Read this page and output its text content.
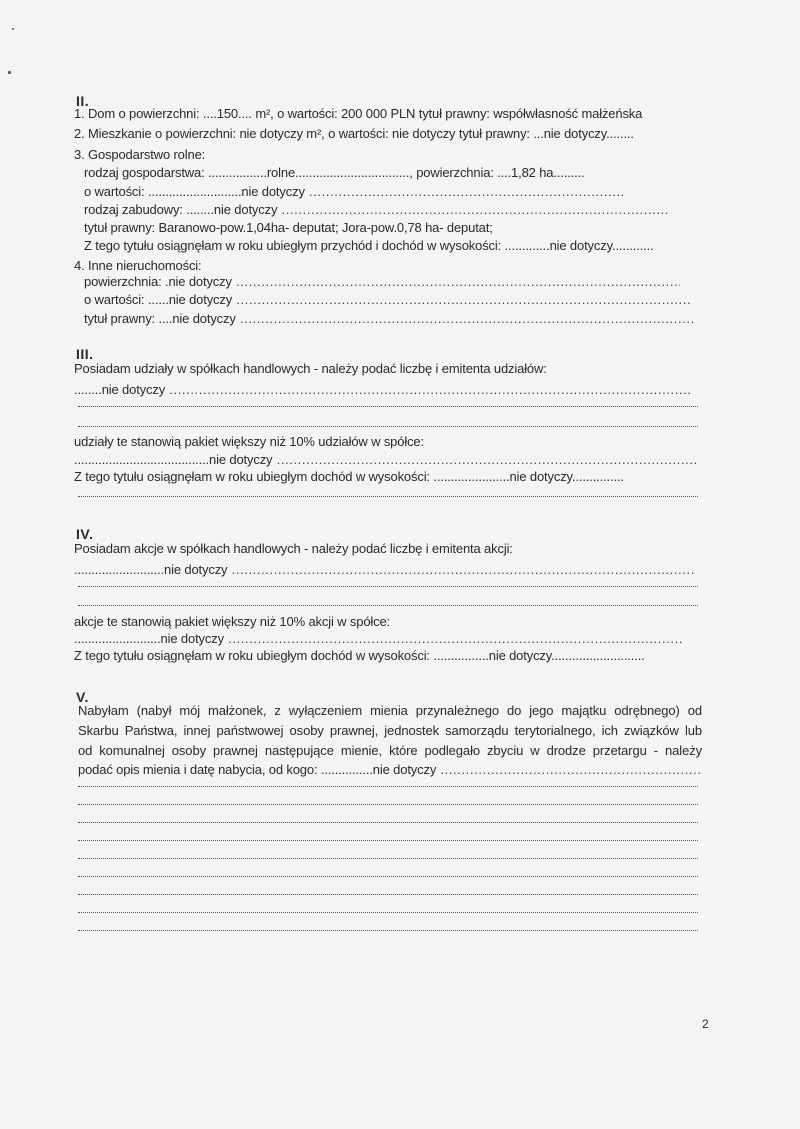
II.
1. Dom o powierzchni: ....150.... m², o wartości: 200 000 PLN tytuł prawny: współwłasność małżeńska
2. Mieszkanie o powierzchni: nie dotyczy m², o wartości: nie dotyczy tytuł prawny: ...nie dotyczy........
3. Gospodarstwo rolne:
rodzaj gospodarstwa: .................rolne................................., powierzchnia: ....1,82 ha.........
o wartości: ...........................nie dotyczy .....
rodzaj zabudowy: ........nie dotyczy .....
tytuł prawny: Baranowo-pow.1,04ha- deputat; Jora-pow.0,78 ha- deputat;
Z tego tytułu osiągnęłam w roku ubiegłym przychód i dochód w wysokości: .............nie dotyczy............
4. Inne nieruchomości:
powierzchnia: .nie dotyczy .....
o wartości: ......nie dotyczy .....
tytuł prawny: ....nie dotyczy .....
III.
Posiadam udziały w spółkach handlowych - należy podać liczbę i emitenta udziałów:
........nie dotyczy .....
udziały te stanowią pakiet większy niż 10% udziałów w spółce:
.......................................nie dotyczy .....
Z tego tytułu osiągnęłam w roku ubiegłym dochód w wysokości: ......................nie dotyczy...............
IV.
Posiadam akcje w spółkach handlowych - należy podać liczbę i emitenta akcji:
..........................nie dotyczy .....
akcje te stanowią pakiet większy niż 10% akcji w spółce:
.........................nie dotyczy .....
Z tego tytułu osiągnęłam w roku ubiegłym dochód w wysokości: ................nie dotyczy...........................
V.
Nabyłam (nabył mój małżonek, z wyłączeniem mienia przynależnego do jego majątku odrębnego) od
Skarbu Państwa, innej państwowej osoby prawnej, jednostek samorządu terytorialnego, ich związków lub
od komunalnej osoby prawnej następujące mienie, które podlegało zbyciu w drodze przetargu - należy
podać opis mienia i datę nabycia, od kogo: ...............nie dotyczy .....
2
